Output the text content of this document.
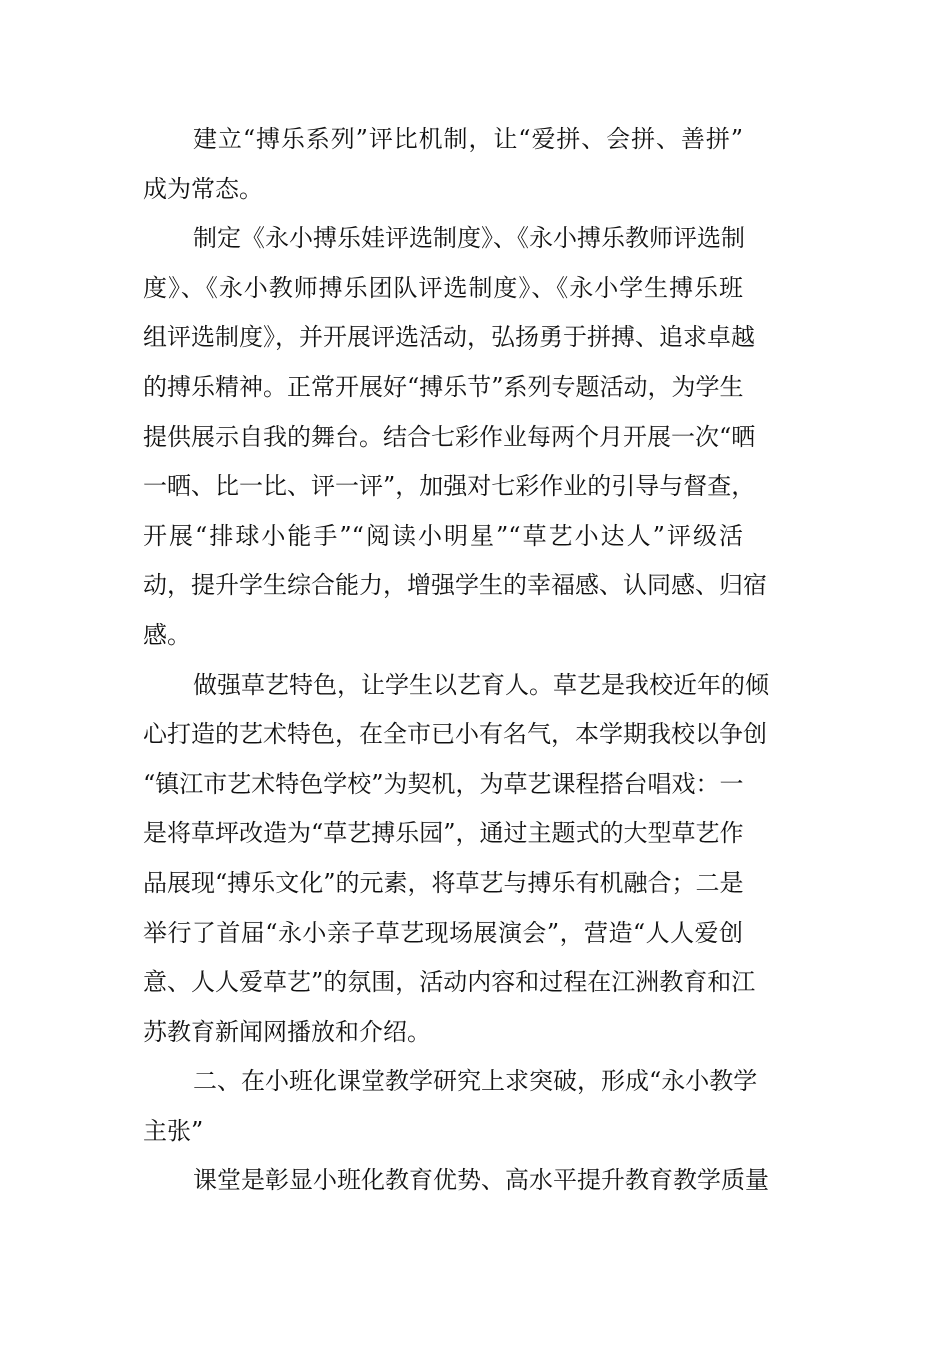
建立“搏乐系列”评比机制，让“爱拼、会拼、善拼”
成为常态。
制定《永小搏乐娃评选制度》、《永小搏乐教师评选制
度》、《永小教师搏乐团队评选制度》、《永小学生搏乐班
组评选制度》，并开展评选活动，弘扬勇于拼搏、追求卓越
的搏乐精神。正常开展好“搏乐节”系列专题活动，为学生
提供展示自我的舞台。结合七彩作业每两个月开展一次“晒
一晒、比一比、评一评”，加强对七彩作业的引导与督查，
开展“排球小能手”“阅读小明星”“草艺小达人”评级活
动，提升学生综合能力，增强学生的幸福感、认同感、归宿
感。
做强草艺特色，让学生以艺育人。草艺是我校近年的倾
心打造的艺术特色，在全市已小有名气，本学期我校以争创
“镇江市艺术特色学校”为契机，为草艺课程搭台唱戏：一
是将草坪改造为“草艺搏乐园”，通过主题式的大型草艺作
品展现“搏乐文化”的元素，将草艺与搏乐有机融合；二是
举行了首届“永小亲子草艺现场展演会”，营造“人人爱创
意、人人爱草艺”的氛围，活动内容和过程在江洲教育和江
苏教育新闻网播放和介绍。
二、在小班化课堂教学研究上求突破，形成“永小教学
主张”
课堂是彰显小班化教育优势、高水平提升教育教学质量
